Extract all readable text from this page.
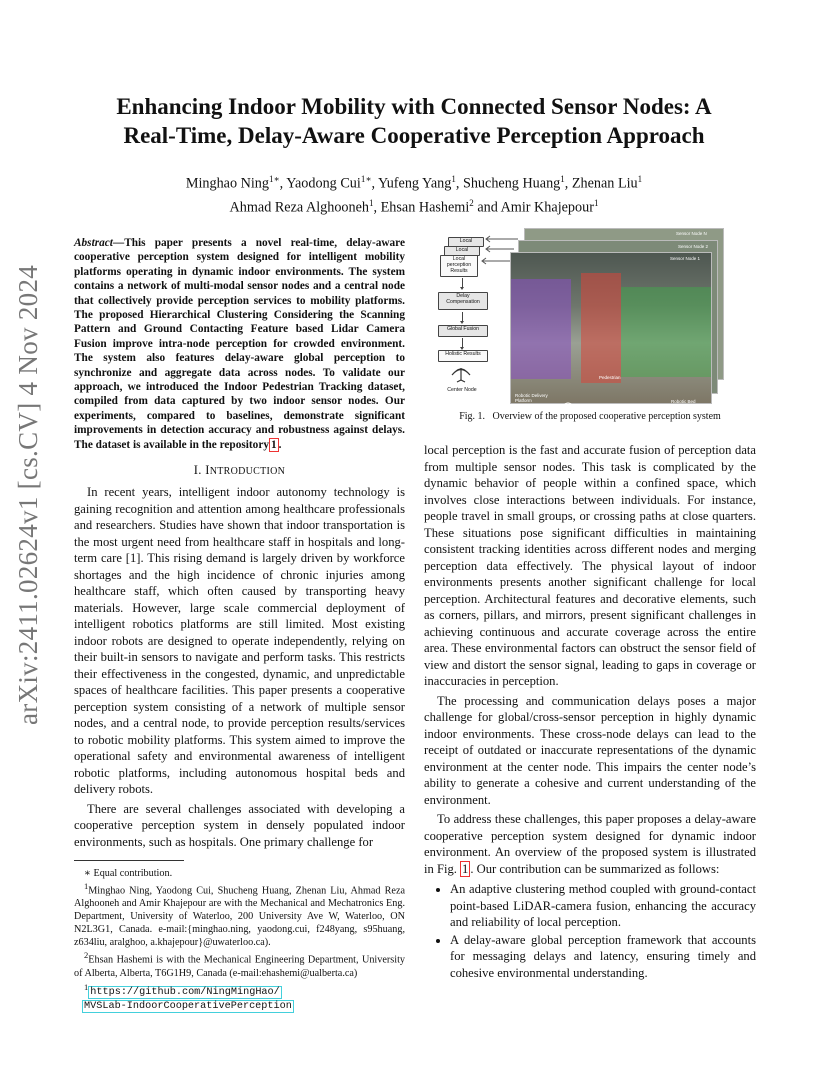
arXiv:2411.02624v1 [cs.CV] 4 Nov 2024
Enhancing Indoor Mobility with Connected Sensor Nodes: A
Real-Time, Delay-Aware Cooperative Perception Approach
Minghao Ning$^{1∗}$, Yaodong Cui$^{1∗}$, Yufeng Yang$^1$, Shucheng Huang$^1$, Zhenan Liu$^1$
Ahmad Reza Alghooneh$^1$, Ehsan Hashemi$^2$ and Amir Khajepour$^1$
Abstract—This paper presents a novel real-time, delay-aware cooperative perception system designed for intelligent mobility platforms operating in dynamic indoor environments. The system contains a network of multi-modal sensor nodes and a central node that collectively provide perception services to mobility platforms. The proposed Hierarchical Clustering Considering the Scanning Pattern and Ground Contacting Feature based Lidar Camera Fusion improve intra-node perception for crowded environment. The system also features delay-aware global perception to synchronize and aggregate data across nodes. To validate our approach, we introduced the Indoor Pedestrian Tracking dataset, compiled from data captured by two indoor sensor nodes. Our experiments, compared to baselines, demonstrate significant improvements in detection accuracy and robustness against delays. The dataset is available in the repository 1 .
I. INTRODUCTION

In recent years, intelligent indoor autonomy technology is gaining recognition and attention among healthcare professionals and researchers. Studies have shown that indoor transportation is the most urgent need from healthcare staff in hospitals and long-term care [1]. This rising demand is largely driven by workforce shortages and the high incidence of chronic injuries among healthcare staff, which often caused by transporting heavy materials. However, large scale commercial deployment of intelligent robotics platforms are still limited. Most existing indoor robots are designed to operate independently, relying on their built-in sensors to navigate and perform tasks. This restricts their effectiveness in the congested, dynamic, and unpredictable spaces of healthcare facilities. This paper presents a cooperative perception system consisting of a network of multiple sensor nodes, and a central node, to provide perception results/services to robotic mobility platforms. This system aimed to improve the operational safety and environmental awareness of intelligent robotic platforms, including autonomous hospital beds and delivery robots.

There are several challenges associated with developing a cooperative perception system in densely populated indoor environments, such as hospitals. One primary challenge for

∗ Equal contribution.

$^1$Minghao Ning, Yaodong Cui, Shucheng Huang, Zhenan Liu, Ahmad Reza Alghooneh and Amir Khajepour are with the Mechanical and Mechatronics Eng. Department, University of Waterloo, 200 University Ave W, Waterloo, ON N2L3G1, Canada. e-mail:{minghao.ning, yaodong.cui, f248yang, s95huang, z634liu, aralghoo, a.khajepour}@uwaterloo.ca).

$^2$Ehsan Hashemi is with the Mechanical Engineering Department, University of Alberta, Alberta, T6G1H9, Canada (e-mail:ehashemi@ualberta.ca)

$^1$https://github.com/NingMingHao/

MVSLab-IndoorCooperativePerception

Local
Local
Local perception Results
Delay Compensation
Global Fusion
Holistic Results
Center Node
Pedestrian
Robotic Delivery Platform	Robotic Bed Platform
Sensor Node N
Sensor Node 2
Sensor Node 1
Fig. 1. Overview of the proposed cooperative perception system

local perception is the fast and accurate fusion of perception data from multiple sensor nodes. This task is complicated by the dynamic behavior of people within a confined space, which involves close interactions between individuals. For instance, people travel in small groups, or crossing paths at close quarters. These situations pose significant difficulties in maintaining consistent tracking identities across different nodes and merging perception data effectively. The physical layout of indoor environments presents another significant challenge for local perception. Architectural features and decorative elements, such as corners, pillars, and mirrors, present significant challenges in achieving continuous and accurate coverage across the entire area. These environmental factors can obstruct the sensor field of view and distort the sensor signal, leading to gaps in coverage or inaccuracies in perception.

The processing and communication delays poses a major challenge for global/cross-sensor perception in highly dynamic indoor environments. These cross-node delays can lead to the receipt of outdated or inaccurate representations of the dynamic environment at the center node. This impairs the center node’s ability to generate a cohesive and current understanding of the environment.

To address these challenges, this paper proposes a delay-aware cooperative perception system designed for dynamic indoor environment. An overview of the proposed system is illustrated in Fig. 1 . Our contribution can be summarized as follows:

• An adaptive clustering method coupled with ground-contact point-based LiDAR-camera fusion, enhancing the accuracy and reliability of local perception.
• A delay-aware global perception framework that accounts for messaging delays and latency, ensuring timely and cohesive environmental understanding.
